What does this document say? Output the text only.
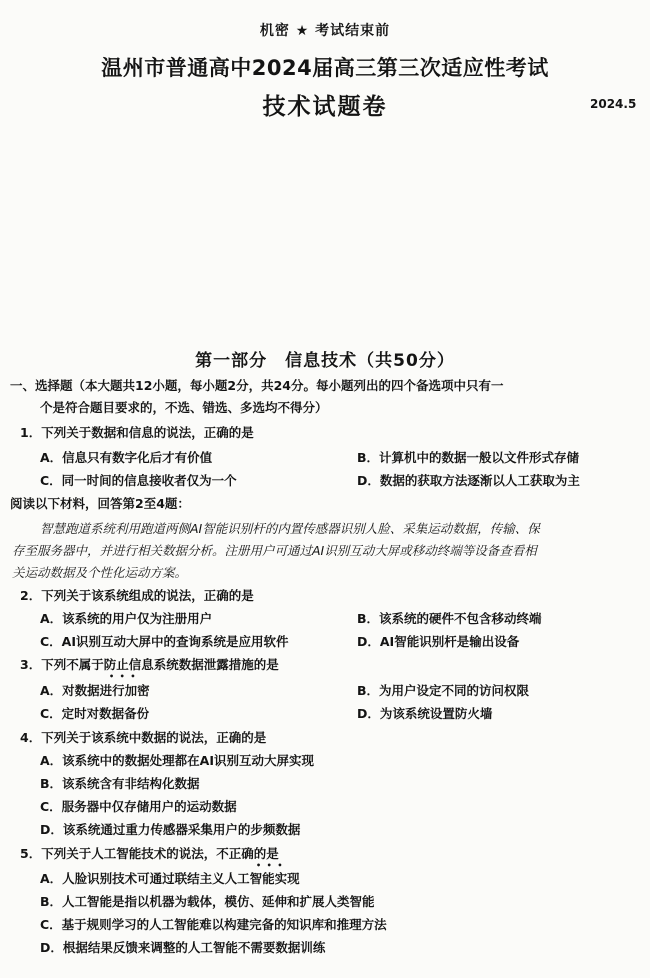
机密 ★ 考试结束前
温州市普通高中2024届高三第三次适应性考试
技术试题卷	2024.5
第一部分　信息技术（共50分）
一、选择题（本大题共12小题，每小题2分，共24分。每小题列出的四个备选项中只有一
个是符合题目要求的，不选、错选、多选均不得分）
1．下列关于数据和信息的说法，正确的是
A．信息只有数字化后才有价值	B．计算机中的数据一般以文件形式存储
C．同一时间的信息接收者仅为一个	D．数据的获取方法逐渐以人工获取为主
阅读以下材料，回答第2至4题：
智慧跑道系统利用跑道两侧AI智能识别杆的内置传感器识别人脸、采集运动数据，传输、保
存至服务器中，并进行相关数据分析。注册用户可通过AI识别互动大屏或移动终端等设备查看相
关运动数据及个性化运动方案。
2．下列关于该系统组成的说法，正确的是
A．该系统的用户仅为注册用户	B．该系统的硬件不包含移动终端
C．AI识别互动大屏中的查询系统是应用软件	D．AI智能识别杆是输出设备
3．下列不属于防止信息系统数据泄露措施的是
•  •  •
A．对数据进行加密	B．为用户设定不同的访问权限
C．定时对数据备份	D．为该系统设置防火墙
4．下列关于该系统中数据的说法，正确的是
A．该系统中的数据处理都在AI识别互动大屏实现
B．该系统含有非结构化数据
C．服务器中仅存储用户的运动数据
D．该系统通过重力传感器采集用户的步频数据
5．下列关于人工智能技术的说法，不正确的是
•  •  •
A．人脸识别技术可通过联结主义人工智能实现
B．人工智能是指以机器为载体，模仿、延伸和扩展人类智能
C．基于规则学习的人工智能难以构建完备的知识库和推理方法
D．根据结果反馈来调整的人工智能不需要数据训练
